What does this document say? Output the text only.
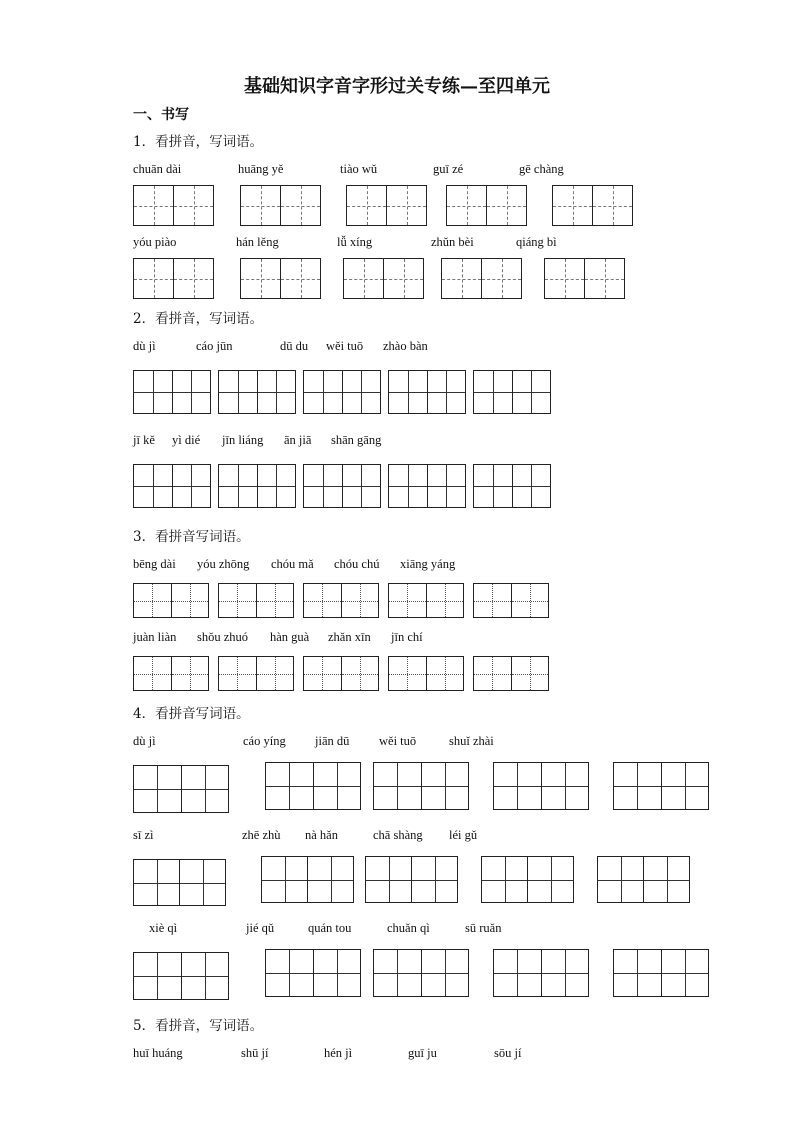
基础知识字音字形过关专练—至四单元
一、书写
1．看拼音，写词语。
chuān dài	huāng yě	tiào wǔ	guī zé	gē chàng
yóu piào	hán lěng	lǚ xíng	zhǔn bèi	qiáng bì
2．看拼音，写词语。
dù jì	cáo jūn	dū du wěi tuō zhào bàn
jī kě yì dié jīn liáng ān jiā shān gāng
3．看拼音写词语。
bēng dài yóu zhōng chóu mǎ chóu chú xiāng yáng
juàn liàn shǒu zhuó hàn guà zhǎn xīn jīn chí
4．看拼音写词语。
dù jì	cáo yíng jiān dū wěi tuō	shuǐ zhài
sī zì	zhē zhù nà hǎn	chā shàng léi gǔ
xiè qì	jié qǔ	quán tou	chuǎn qì	sū ruǎn
5．看拼音，写词语。
huī huáng	shū jí	hén jì	guī ju	sōu jí
